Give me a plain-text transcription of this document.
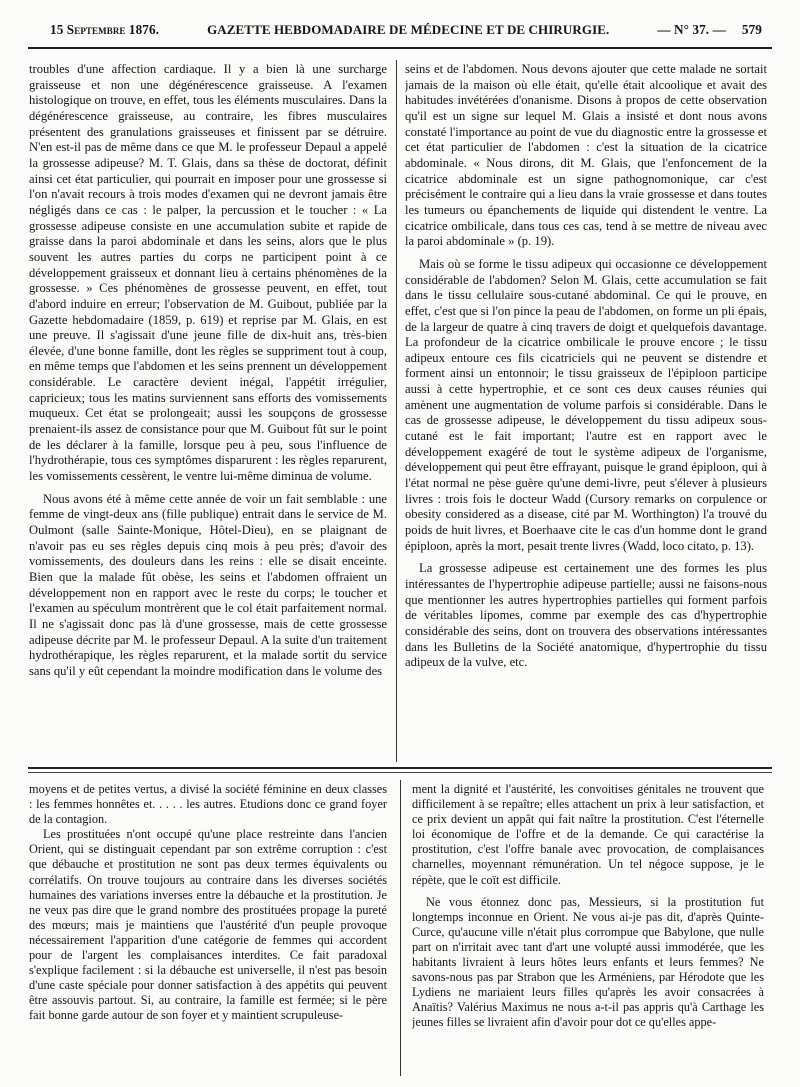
15 Septembre 1876.	GAZETTE HEBDOMADAIRE DE MÉDECINE ET DE CHIRURGIE.	— N° 37. — 579

troubles d'une affection cardiaque. Il y a bien là une surcharge graisseuse et non une dégénérescence graisseuse. A l'examen histologique on trouve, en effet, tous les éléments musculaires. Dans la dégénérescence graisseuse, au contraire, les fibres musculaires présentent des granulations graisseuses et finissent par se détruire. N'en est-il pas de même dans ce que M. le professeur Depaul a appelé la grossesse adipeuse? M. T. Glais, dans sa thèse de doctorat, définit ainsi cet état particulier, qui pourrait en imposer pour une grossesse si l'on n'avait recours à trois modes d'examen qui ne devront jamais être négligés dans ce cas : le palper, la percussion et le toucher : « La grossesse adipeuse consiste en une accumulation subite et rapide de graisse dans la paroi abdominale et dans les seins, alors que le plus souvent les autres parties du corps ne participent point à ce développement graisseux et donnant lieu à certains phénomènes de la grossesse. » Ces phénomènes de grossesse peuvent, en effet, tout d'abord induire en erreur; l'observation de M. Guibout, publiée par la Gazette hebdomadaire (1859, p. 619) et reprise par M. Glais, en est une preuve. Il s'agissait d'une jeune fille de dix-huit ans, très-bien élevée, d'une bonne famille, dont les règles se suppriment tout à coup, en même temps que l'abdomen et les seins prennent un développement considérable. Le caractère devient inégal, l'appétit irrégulier, capricieux; tous les matins surviennent sans efforts des vomissements muqueux. Cet état se prolongeait; aussi les soupçons de grossesse prenaient-ils assez de consistance pour que M. Guibout fût sur le point de les déclarer à la famille, lorsque peu à peu, sous l'influence de l'hydrothérapie, tous ces symptômes disparurent : les règles reparurent, les vomissements cessèrent, le ventre lui-même diminua de volume.

Nous avons été à même cette année de voir un fait semblable : une femme de vingt-deux ans (fille publique) entrait dans le service de M. Oulmont (salle Sainte-Monique, Hôtel-Dieu), en se plaignant de n'avoir pas eu ses règles depuis cinq mois à peu près; d'avoir des vomissements, des douleurs dans les reins : elle se disait enceinte. Bien que la malade fût obèse, les seins et l'abdomen offraient un développement non en rapport avec le reste du corps; le toucher et l'examen au spéculum montrèrent que le col était parfaitement normal. Il ne s'agissait donc pas là d'une grossesse, mais de cette grossesse adipeuse décrite par M. le professeur Depaul. A la suite d'un traitement hydrothérapique, les règles reparurent, et la malade sortit du service sans qu'il y eût cependant la moindre modification dans le volume des

seins et de l'abdomen. Nous devons ajouter que cette malade ne sortait jamais de la maison où elle était, qu'elle était alcoolique et avait des habitudes invétérées d'onanisme. Disons à propos de cette observation qu'il est un signe sur lequel M. Glais a insisté et dont nous avons constaté l'importance au point de vue du diagnostic entre la grossesse et cet état particulier de l'abdomen : c'est la situation de la cicatrice abdominale. « Nous dirons, dit M. Glais, que l'enfoncement de la cicatrice abdominale est un signe pathognomonique, car c'est précisément le contraire qui a lieu dans la vraie grossesse et dans toutes les tumeurs ou épanchements de liquide qui distendent le ventre. La cicatrice ombilicale, dans tous ces cas, tend à se mettre de niveau avec la paroi abdominale » (p. 19).

Mais où se forme le tissu adipeux qui occasionne ce développement considérable de l'abdomen? Selon M. Glais, cette accumulation se fait dans le tissu cellulaire sous-cutané abdominal. Ce qui le prouve, en effet, c'est que si l'on pince la peau de l'abdomen, on forme un pli épais, de la largeur de quatre à cinq travers de doigt et quelquefois davantage. La profondeur de la cicatrice ombilicale le prouve encore ; le tissu adipeux entoure ces fils cicatriciels qui ne peuvent se distendre et forment ainsi un entonnoir; le tissu graisseux de l'épiploon participe aussi à cette hypertrophie, et ce sont ces deux causes réunies qui amènent une augmentation de volume parfois si considérable. Dans le cas de grossesse adipeuse, le développement du tissu adipeux sous-cutané est le fait important; l'autre est en rapport avec le développement exagéré de tout le système adipeux de l'organisme, développement qui peut être effrayant, puisque le grand épiploon, qui à l'état normal ne pèse guère qu'une demi-livre, peut s'élever à plusieurs livres : trois fois le docteur Wadd (Cursory remarks on corpulence or obesity considered as a disease, cité par M. Worthington) l'a trouvé du poids de huit livres, et Boerhaave cite le cas d'un homme dont le grand épiploon, après la mort, pesait trente livres (Wadd, loco citato, p. 13).

La grossesse adipeuse est certainement une des formes les plus intéressantes de l'hypertrophie adipeuse partielle; aussi ne faisons-nous que mentionner les autres hypertrophies partielles qui forment parfois de véritables lipomes, comme par exemple des cas d'hypertrophie considérable des seins, dont on trouvera des observations intéressantes dans les Bulletins de la Société anatomique, d'hypertrophie du tissu adipeux de la vulve, etc.

moyens et de petites vertus, a divisé la société féminine en deux classes : les femmes honnêtes et. . . . . les autres. Etudions donc ce grand foyer de la contagion.

Les prostituées n'ont occupé qu'une place restreinte dans l'ancien Orient, qui se distinguait cependant par son extrême corruption : c'est que débauche et prostitution ne sont pas deux termes équivalents ou corrélatifs. On trouve toujours au contraire dans les diverses sociétés humaines des variations inverses entre la débauche et la prostitution. Je ne veux pas dire que le grand nombre des prostituées propage la pureté des mœurs; mais je maintiens que l'austérité d'un peuple provoque nécessairement l'apparition d'une catégorie de femmes qui accordent pour de l'argent les complaisances interdites. Ce fait paradoxal s'explique facilement : si la débauche est universelle, il n'est pas besoin d'une caste spéciale pour donner satisfaction à des appétits qui peuvent être assouvis partout. Si, au contraire, la famille est fermée; si le père fait bonne garde autour de son foyer et y maintient scrupuleuse-

ment la dignité et l'austérité, les convoitises génitales ne trouvent que difficilement à se repaître; elles attachent un prix à leur satisfaction, et ce prix devient un appât qui fait naître la prostitution. C'est l'éternelle loi économique de l'offre et de la demande. Ce qui caractérise la prostitution, c'est l'offre banale avec provocation, de complaisances charnelles, moyennant rémunération. Un tel négoce suppose, je le répète, que le coït est difficile.

Ne vous étonnez donc pas, Messieurs, si la prostitution fut longtemps inconnue en Orient. Ne vous ai-je pas dit, d'après Quinte-Curce, qu'aucune ville n'était plus corrompue que Babylone, que nulle part on n'irritait avec tant d'art une volupté aussi immodérée, que les habitants livraient à leurs hôtes leurs enfants et leurs femmes? Ne savons-nous pas par Strabon que les Arméniens, par Hérodote que les Lydiens ne mariaient leurs filles qu'après les avoir consacrées à Anaïtis? Valérius Maximus ne nous a-t-il pas appris qu'à Carthage les jeunes filles se livraient afin d'avoir pour dot ce qu'elles appe-
